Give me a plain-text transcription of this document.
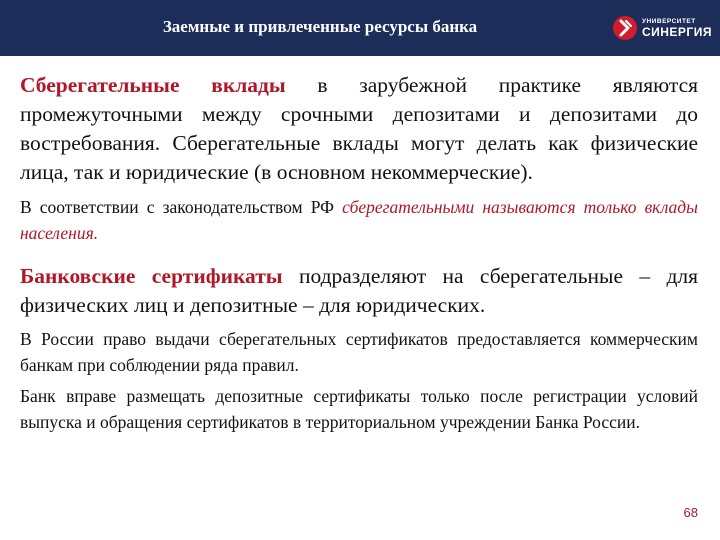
Заемные и привлеченные ресурсы банка	УНИВЕРСИТЕТ
СИНЕРГИЯ

Сберегательные вклады в зарубежной практике являются промежуточными между срочными депозитами и депозитами до востребования. Сберегательные вклады могут делать как физические лица, так и юридические (в основном некоммерческие).

В соответствии с законодательством РФ сберегательными называются только вклады населения.

Банковские сертификаты подразделяют на сберегательные – для физических лиц и депозитные – для юридических.

В России право выдачи сберегательных сертификатов предоставляется коммерческим банкам при соблюдении ряда правил.

Банк вправе размещать депозитные сертификаты только после регистрации условий выпуска и обращения сертификатов в территориальном учреждении Банка России.

68
